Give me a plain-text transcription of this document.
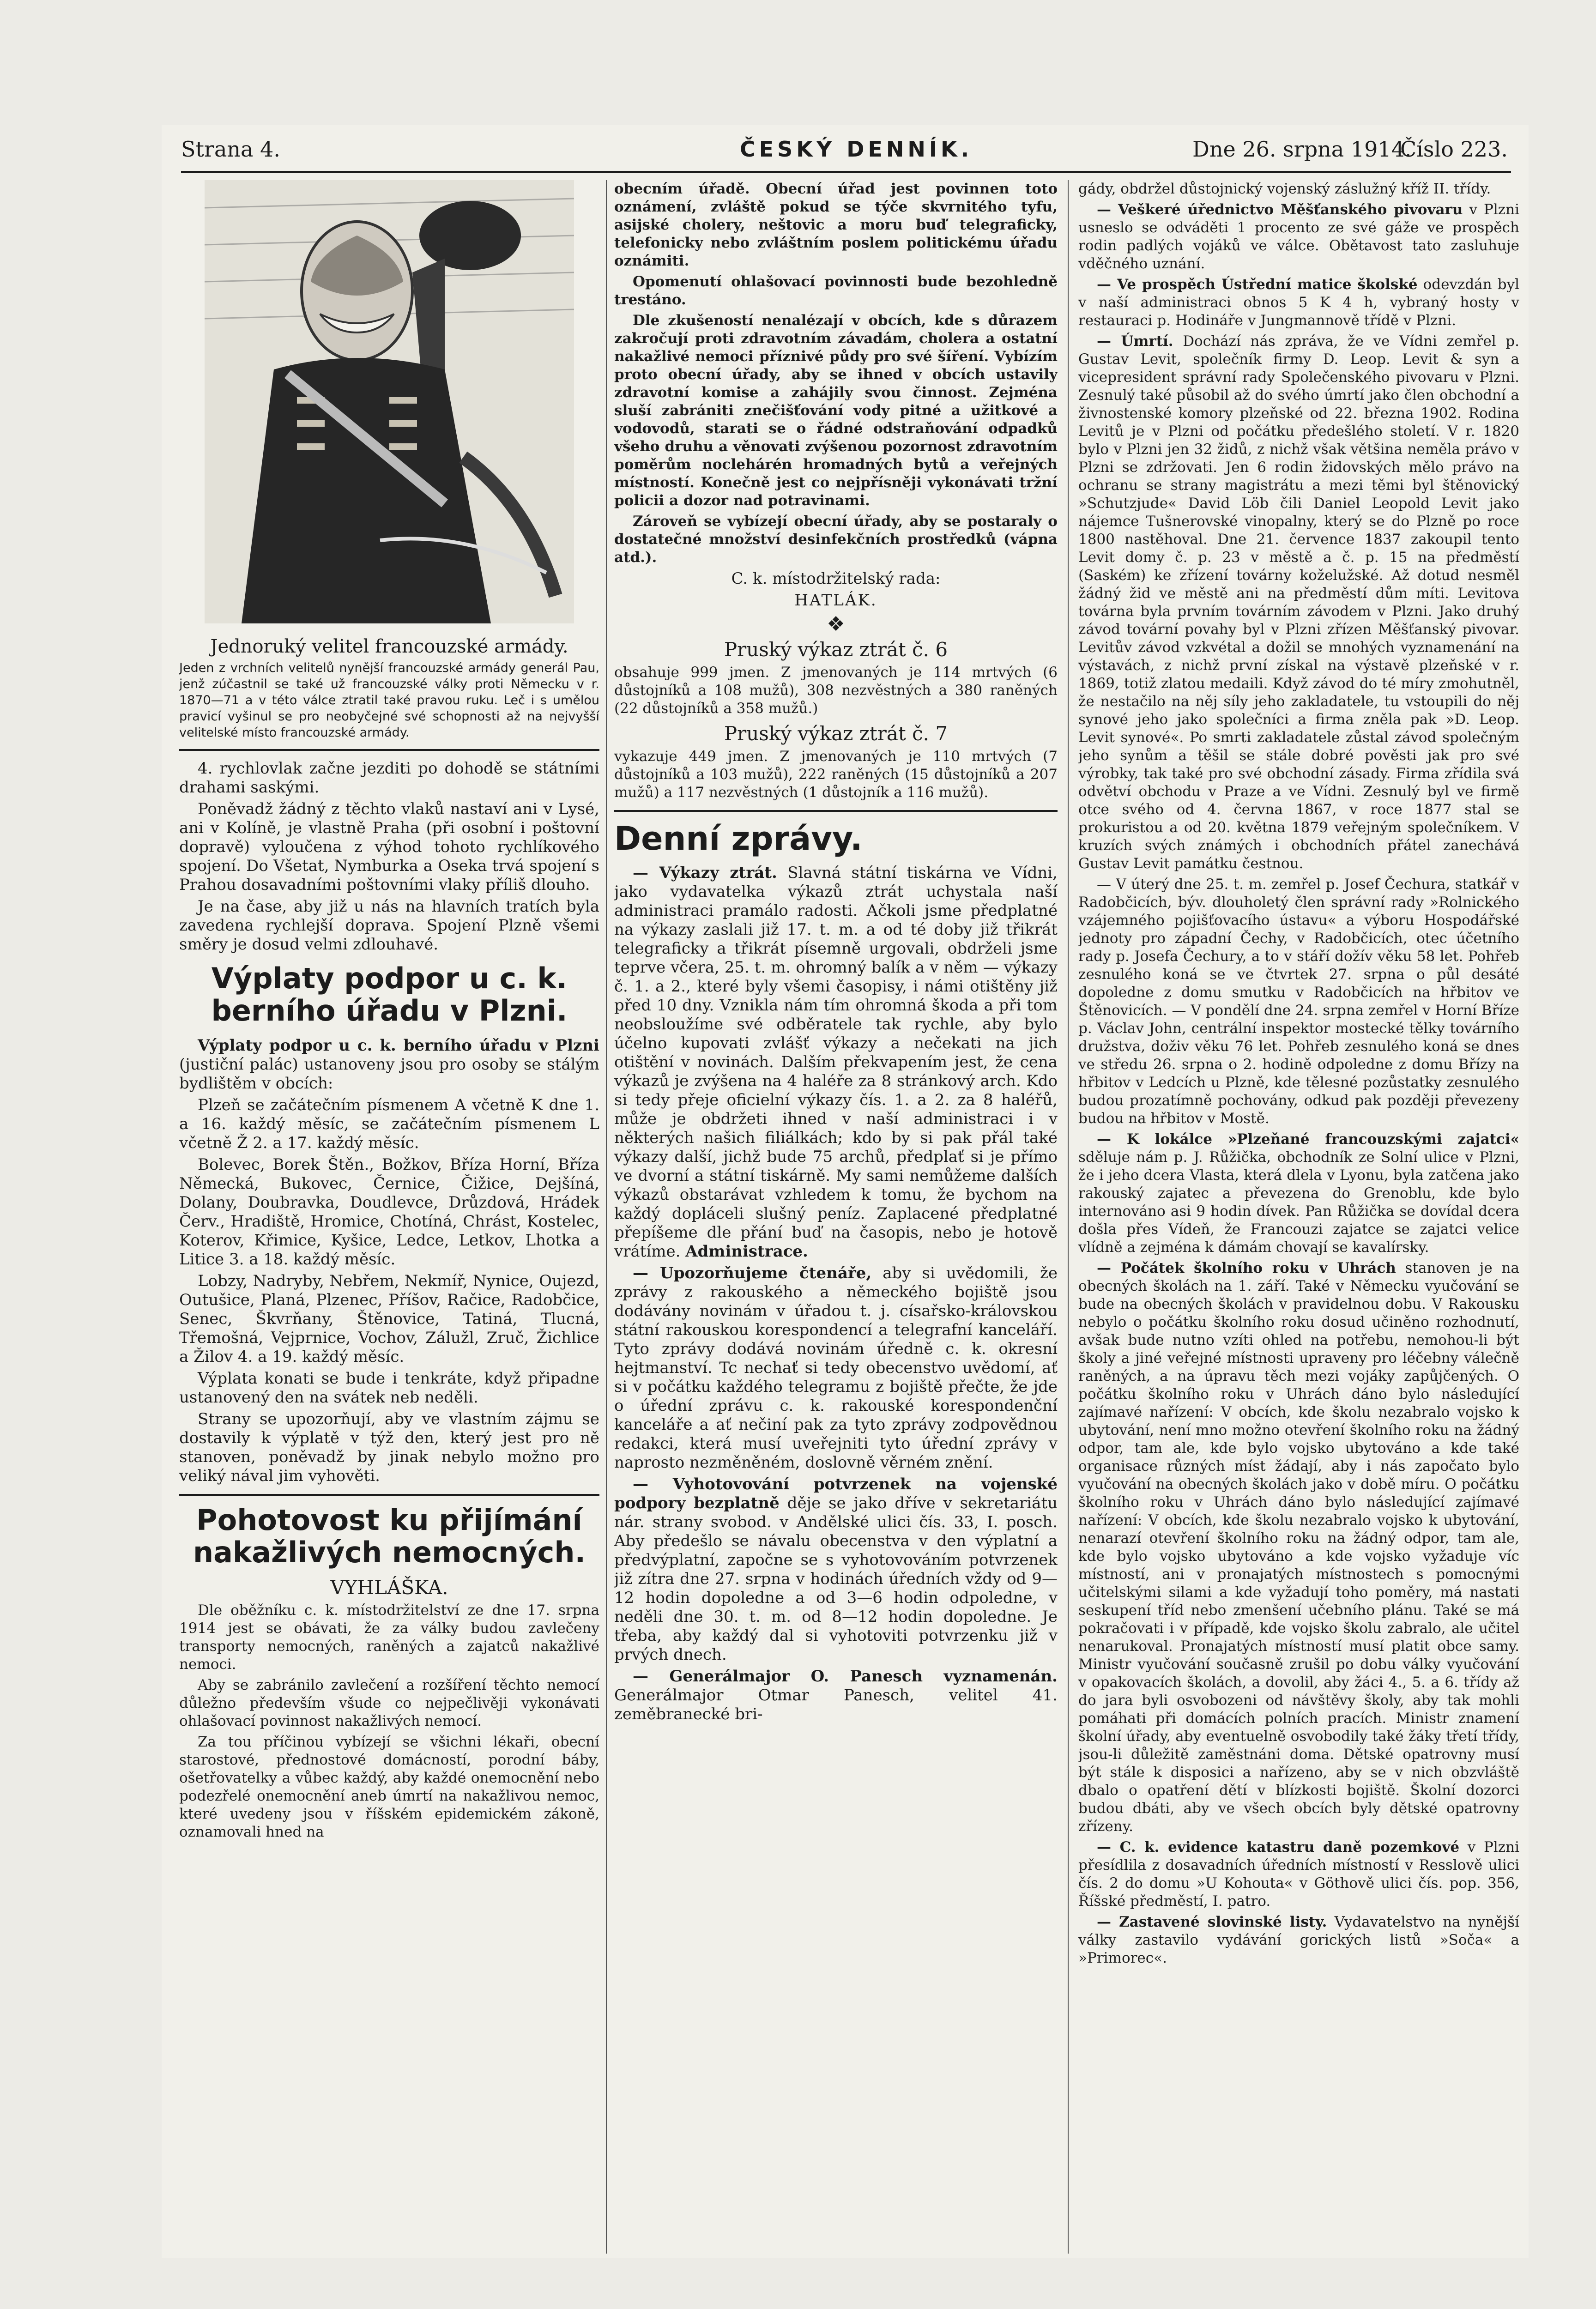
Strana 4.	ČESKÝ DENNÍK.	Dne 26. srpna 1914.
Číslo 223.
Jednoruký velitel francouzské armády.
Jeden z vrchních velitelů nynější francouzské armády generál Pau, jenž zúčastnil se také už francouzské války proti Německu v r. 1870—71 a v této válce ztratil také pravou ruku. Leč i s umělou pravicí vyšinul se pro neobyčejné své schopnosti až na nejvyšší velitelské místo francouzské armády.

4. rychlovlak začne jezditi po dohodě se státními drahami saskými.

Poněvadž žádný z těchto vlaků nastaví ani v Lysé, ani v Kolíně, je vlastně Praha (při osobní i poštovní dopravě) vyloučena z výhod tohoto rychlíkového spojení. Do Všetat, Nymburka a Oseka trvá spojení s Prahou dosavadními poštovními vlaky příliš dlouho.

Je na čase, aby již u nás na hlavních tratích byla zavedena rychlejší doprava. Spojení Plzně všemi směry je dosud velmi zdlouhavé.

Výplaty podpor u c. k. berního úřadu v Plzni.

Výplaty podpor u c. k. berního úřadu v Plzni (justiční palác) ustanoveny jsou pro osoby se stálým bydlištěm v obcích:

Plzeň se začátečním písmenem A včetně K dne 1. a 16. každý měsíc, se začátečním písmenem L včetně Ž 2. a 17. každý měsíc.

Bolevec, Borek Štěn., Božkov, Bříza Horní, Bříza Německá, Bukovec, Černice, Čižice, Dejšíná, Dolany, Doubravka, Doudlevce, Drůzdová, Hrádek Červ., Hradiště, Hromice, Chotíná, Chrást, Kostelec, Koterov, Křimice, Kyšice, Ledce, Letkov, Lhotka a Litice 3. a 18. každý měsíc.

Lobzy, Nadryby, Nebřem, Nekmíř, Nynice, Oujezd, Outušice, Planá, Plzenec, Příšov, Račice, Radobčice, Senec, Škvrňany, Štěnovice, Tatiná, Tlucná, Třemošná, Vejprnice, Vochov, Zálužl, Zruč, Žichlice a Žilov 4. a 19. každý měsíc.

Výplata konati se bude i tenkráte, když připadne ustanovený den na svátek neb neděli.

Strany se upozorňují, aby ve vlastním zájmu se dostavily k výplatě v týž den, který jest pro ně stanoven, poněvadž by jinak nebylo možno pro veliký nával jim vyhověti.

Pohotovost ku přijímání nakažlivých nemocných.
VYHLÁŠKA.

Dle oběžníku c. k. místodržitelství ze dne 17. srpna 1914 jest se obávati, že za války budou zavlečeny transporty nemocných, raněných a zajatců nakažlivé nemoci.

Aby se zabránilo zavlečení a rozšíření těchto nemocí důležno především všude co nejpečlivěji vykonávati ohlašovací povinnost nakažlivých nemocí.

Za tou příčinou vybízejí se všichni lékaři, obecní starostové, přednostové domácností, porodní báby, ošetřovatelky a vůbec každý, aby každé onemocnění nebo podezřelé onemocnění aneb úmrtí na nakažlivou nemoc, které uvedeny jsou v říšském epidemickém zákoně, oznamovali hned na

obecním úřadě. Obecní úřad jest povinnen toto oznámení, zvláště pokud se týče skvrnitého tyfu, asijské cholery, neštovic a moru buď telegraficky, telefonicky nebo zvláštním poslem politickému úřadu oznámiti.

Opomenutí ohlašovací povinnosti bude bezohledně trestáno.

Dle zkušeností nenalézají v obcích, kde s důrazem zakročují proti zdravotním závadám, cholera a ostatní nakažlivé nemoci příznivé půdy pro své šíření. Vybízím proto obecní úřady, aby se ihned v obcích ustavily zdravotní komise a zahájily svou činnost. Zejména sluší zabrániti znečišťování vody pitné a užitkové a vodovodů, starati se o řádné odstraňování odpadků všeho druhu a věnovati zvýšenou pozornost zdravotním poměrům noclehárén hromadných bytů a veřejných místností. Konečně jest co nejpřísněji vykonávati tržní policii a dozor nad potravinami.

Zároveň se vybízejí obecní úřady, aby se postaraly o dostatečné množství desinfekčních prostředků (vápna atd.).

C. k. místodržitelský rada:

HATLÁK.

❖
Pruský výkaz ztrát č. 6

obsahuje 999 jmen. Z jmenovaných je 114 mrtvých (6 důstojníků a 108 mužů), 308 nezvěstných a 380 raněných (22 důstojníků a 358 mužů.)

Pruský výkaz ztrát č. 7

vykazuje 449 jmen. Z jmenovaných je 110 mrtvých (7 důstojníků a 103 mužů), 222 raněných (15 důstojníků a 207 mužů) a 117 nezvěstných (1 důstojník a 116 mužů).

Denní zprávy.

— Výkazy ztrát. Slavná státní tiskárna ve Vídni, jako vydavatelka výkazů ztrát uchystala naší administraci pramálo radosti. Ačkoli jsme předplatné na výkazy zaslali již 17. t. m. a od té doby již třikrát telegraficky a třikrát písemně urgovali, obdrželi jsme teprve včera, 25. t. m. ohromný balík a v něm — výkazy č. 1. a 2., které byly všemi časopisy, i námi otištěny již před 10 dny. Vznikla nám tím ohromná škoda a při tom neobsloužíme své odběratele tak rychle, aby bylo účelno kupovati zvlášť výkazy a nečekati na jich otištění v novinách. Dalším překvapením jest, že cena výkazů je zvýšena na 4 haléře za 8 stránkový arch. Kdo si tedy přeje oficielní výkazy čís. 1. a 2. za 8 haléřů, může je obdržeti ihned v naší administraci i v některých našich filiálkách; kdo by si pak přál také výkazy další, jichž bude 75 archů, předplať si je přímo ve dvorní a státní tiskárně. My sami nemůžeme dalších výkazů obstarávat vzhledem k tomu, že bychom na každý dopláceli slušný peníz. Zaplacené předplatné přepíšeme dle přání buď na časopis, nebo je hotově vrátíme. Administrace.

— Upozorňujeme čtenáře, aby si uvědomili, že zprávy z rakouského a německého bojiště jsou dodávány novinám v úřadou t. j. císařsko-královskou státní rakouskou korespondencí a telegrafní kanceláří. Tyto zprávy dodává novinám úředně c. k. okresní hejtmanství. Tc nechať si tedy obecenstvo uvědomí, ať si v počátku každého telegramu z bojiště přečte, že jde o úřední zprávu c. k. rakouské korespondenční kanceláře a ať nečiní pak za tyto zprávy zodpovědnou redakci, která musí uveřejniti tyto úřední zprávy v naprosto nezměněném, doslovně věrném znění.

— Vyhotovování potvrzenek na vojenské podpory bezplatně děje se jako dříve v sekretariátu nár. strany svobod. v Andělské ulici čís. 33, I. posch. Aby předešlo se návalu obecenstva v den výplatní a předvýplatní, započne se s vyhotovováním potvrzenek již zítra dne 27. srpna v hodinách úředních vždy od 9—12 hodin dopoledne a od 3—6 hodin odpoledne, v neděli dne 30. t. m. od 8—12 hodin dopoledne. Je třeba, aby každý dal si vyhotoviti potvrzenku již v prvých dnech.

— Generálmajor O. Panesch vyznamenán. Generálmajor Otmar Panesch, velitel 41. zeměbranecké bri-

gády, obdržel důstojnický vojenský záslužný kříž II. třídy.

— Veškeré úřednictvo Měšťanského pivovaru v Plzni usneslo se odváděti 1 procento ze své gáže ve prospěch rodin padlých vojáků ve válce. Obětavost tato zasluhuje vděčného uznání.

— Ve prospěch Ústřední matice školské odevzdán byl v naší administraci obnos 5 K 4 h, vybraný hosty v restauraci p. Hodináře v Jungmannově třídě v Plzni.

— Úmrtí. Dochází nás zpráva, že ve Vídni zemřel p. Gustav Levit, společník firmy D. Leop. Levit & syn a vicepresident správní rady Společenského pivovaru v Plzni. Zesnulý také působil až do svého úmrtí jako člen obchodní a živnostenské komory plzeňské od 22. března 1902. Rodina Levitů je v Plzni od počátku předešlého století. V r. 1820 bylo v Plzni jen 32 židů, z nichž však většina neměla právo v Plzni se zdržovati. Jen 6 rodin židovských mělo právo na ochranu se strany magistrátu a mezi těmi byl štěnovický »Schutzjude« David Löb čili Daniel Leopold Levit jako nájemce Tušnerovské vinopalny, který se do Plzně po roce 1800 nastěhoval. Dne 21. července 1837 zakoupil tento Levit domy č. p. 23 v městě a č. p. 15 na předměstí (Saském) ke zřízení továrny koželužské. Až dotud nesměl žádný žid ve městě ani na předměstí dům míti. Levitova továrna byla prvním továrním závodem v Plzni. Jako druhý závod tovární povahy byl v Plzni zřízen Měšťanský pivovar. Levitův závod vzkvétal a dožil se mnohých vyznamenání na výstavách, z nichž první získal na výstavě plzeňské v r. 1869, totiž zlatou medaili. Když závod do té míry zmohutněl, že nestačilo na něj síly jeho zakladatele, tu vstoupili do něj synové jeho jako společníci a firma zněla pak »D. Leop. Levit synové«. Po smrti zakladatele zůstal závod společným jeho synům a těšil se stále dobré pověsti jak pro své výrobky, tak také pro své obchodní zásady. Firma zřídila svá odvětví obchodu v Praze a ve Vídni. Zesnulý byl ve firmě otce svého od 4. června 1867, v roce 1877 stal se prokuristou a od 20. května 1879 veřejným společníkem. V kruzích svých známých i obchodních přátel zanechává Gustav Levit památku čestnou.

— V úterý dne 25. t. m. zemřel p. Josef Čechura, statkář v Radobčicích, býv. dlouholetý člen správní rady »Rolnického vzájemného pojišťovacího ústavu« a výboru Hospodářské jednoty pro západní Čechy, v Radobčicích, otec účetního rady p. Josefa Čechury, a to v stáří dožív věku 58 let. Pohřeb zesnulého koná se ve čtvrtek 27. srpna o půl desáté dopoledne z domu smutku v Radobčicích na hřbitov ve Štěnovicích. — V pondělí dne 24. srpna zemřel v Horní Bříze p. Václav John, centrální inspektor mostecké tělky továrního družstva, doživ věku 76 let. Pohřeb zesnulého koná se dnes ve středu 26. srpna o 2. hodině odpoledne z domu Břízy na hřbitov v Ledcích u Plzně, kde tělesné pozůstatky zesnulého budou prozatímně pochovány, odkud pak později převezeny budou na hřbitov v Mostě.

— K lokálce »Plzeňané francouzskými zajatci« sděluje nám p. J. Růžička, obchodník ze Solní ulice v Plzni, že i jeho dcera Vlasta, která dlela v Lyonu, byla zatčena jako rakouský zajatec a převezena do Grenoblu, kde bylo internováno asi 9 hodin dívek. Pan Růžička se dovídal dcera došla přes Vídeň, že Francouzi zajatce se zajatci velice vlídně a zejména k dámám chovají se kavalírsky.

— Počátek školního roku v Uhrách stanoven je na obecných školách na 1. září. Také v Německu vyučování se bude na obecných školách v pravidelnou dobu. V Rakousku nebylo o počátku školního roku dosud učiněno rozhodnutí, avšak bude nutno vzíti ohled na potřebu, nemohou-li být školy a jiné veřejné místnosti upraveny pro léčebny válečně raněných, a na úpravu těch mezi vojáky zapůjčených. O počátku školního roku v Uhrách dáno bylo následující zajímavé nařízení: V obcích, kde školu nezabralo vojsko k ubytování, není mno možno otevření školního roku na žádný odpor, tam ale, kde bylo vojsko ubytováno a kde také organisace různých míst žádají, aby i nás započato bylo vyučování na obecných školách jako v době míru. O počátku školního roku v Uhrách dáno bylo následující zajímavé nařízení: V obcích, kde školu nezabralo vojsko k ubytování, nenarazí otevření školního roku na žádný odpor, tam ale, kde bylo vojsko ubytováno a kde vojsko vyžaduje víc místností, ani v pronajatých místnostech s pomocnými učitelskými silami a kde vyžadují toho poměry, má nastati seskupení tříd nebo zmenšení učebního plánu. Také se má pokračovati i v případě, kde vojsko školu zabralo, ale učitel nenarukoval. Pronajatých místností musí platit obce samy. Ministr vyučování současně zrušil po dobu války vyučování v opakovacích školách, a dovolil, aby žáci 4., 5. a 6. třídy až do jara byli osvobozeni od návštěvy školy, aby tak mohli pomáhati při domácích polních pracích. Ministr znamení školní úřady, aby eventuelně osvobodily také žáky třetí třídy, jsou-li důležitě zaměstnáni doma. Dětské opatrovny musí být stále k disposici a nařízeno, aby se v nich obzvláště dbalo o opatření dětí v blízkosti bojiště. Školní dozorci budou dbáti, aby ve všech obcích byly dětské opatrovny zřízeny.

— C. k. evidence katastru daně pozemkové v Plzni přesídlila z dosavadních úředních místností v Resslově ulici čís. 2 do domu »U Kohouta« v Göthově ulici čís. pop. 356, Říšské předměstí, I. patro.

— Zastavené slovinské listy. Vydavatelstvo na nynější války zastavilo vydávání gorických listů »Soča« a »Primorec«.
